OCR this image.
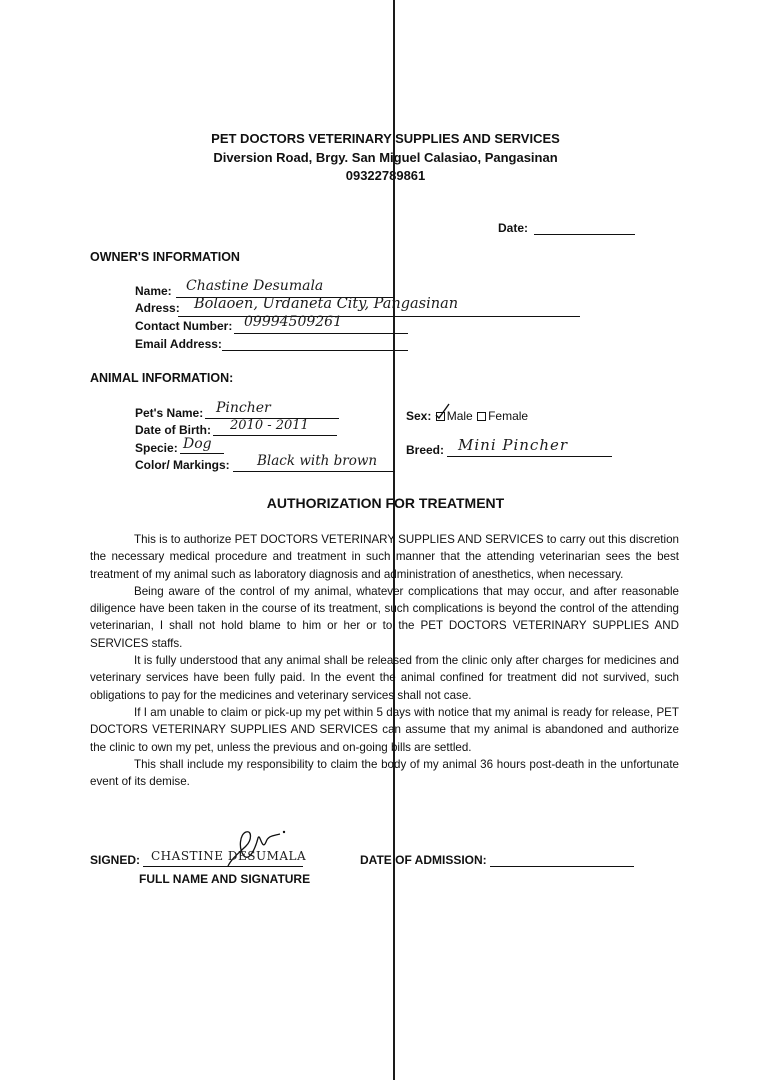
PET DOCTORS VETERINARY SUPPLIES AND SERVICES
Diversion Road, Brgy. San Miguel Calasiao, Pangasinan
09322789861
Date:
OWNER'S INFORMATION
Name: Chastine Desumala
Adress: Bolaoen, Urdaneta City, Pangasinan
Contact Number: 09994509261
Email Address:
ANIMAL INFORMATION:
Pet's Name: Pincher
Date of Birth: 2010 - 2011
Specie: Dog
Color/ Markings: Black with brown
Sex: Male Female
Breed: Mini Pincher
AUTHORIZATION FOR TREATMENT

This is to authorize PET DOCTORS VETERINARY SUPPLIES AND SERVICES to carry out this discretion the necessary medical procedure and treatment in such manner that the attending veterinarian sees the best treatment of my animal such as laboratory diagnosis and administration of anesthetics, when necessary.

Being aware of the control of my animal, whatever complications that may occur, and after reasonable diligence have been taken in the course of its treatment, such complications is beyond the control of the attending veterinarian, I shall not hold blame to him or her or to the PET DOCTORS VETERINARY SUPPLIES AND SERVICES staffs.

It is fully understood that any animal shall be released from the clinic only after charges for medicines and veterinary services have been fully paid. In the event the animal confined for treatment did not survived, such obligations to pay for the medicines and veterinary services shall not case.

If I am unable to claim or pick-up my pet within 5 days with notice that my animal is ready for release, PET DOCTORS VETERINARY SUPPLIES AND SERVICES can assume that my animal is abandoned and authorize the clinic to own my pet, unless the previous and on-going bills are settled.

This shall include my responsibility to claim the body of my animal 36 hours post-death in the unfortunate event of its demise.

SIGNED: CHASTINE DESUMALA
FULL NAME AND SIGNATURE
DATE OF ADMISSION:
